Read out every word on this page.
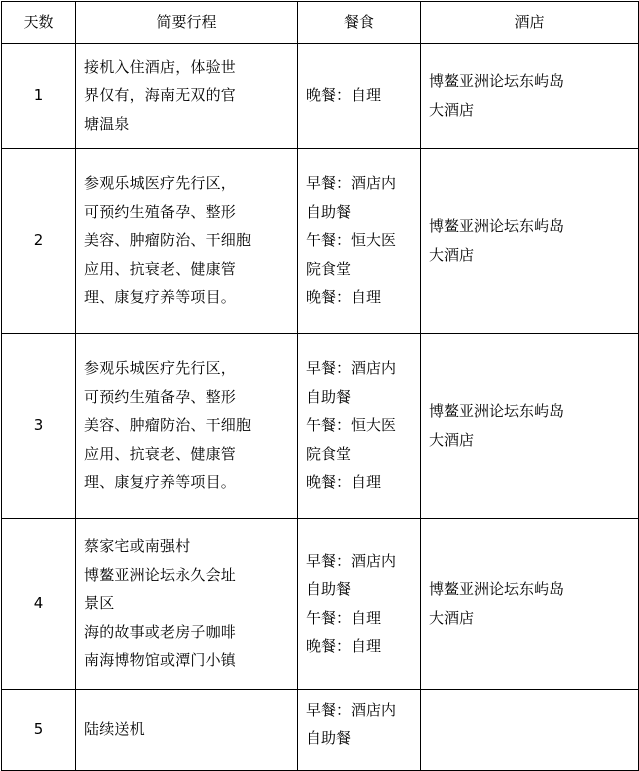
天数	简要行程	餐食	酒店
1	接机入住酒店，体验世
界仅有，海南无双的官
塘温泉	晚餐：自理	博鳌亚洲论坛东屿岛
大酒店

2	参观乐城医疗先行区，
可预约生殖备孕、整形
美容、肿瘤防治、干细胞
应用、抗衰老、健康管
理、康复疗养等项目。	早餐：酒店内
自助餐
午餐：恒大医
院食堂
晚餐：自理	博鳌亚洲论坛东屿岛
大酒店

3	参观乐城医疗先行区，
可预约生殖备孕、整形
美容、肿瘤防治、干细胞
应用、抗衰老、健康管
理、康复疗养等项目。	早餐：酒店内
自助餐
午餐：恒大医
院食堂
晚餐：自理	博鳌亚洲论坛东屿岛
大酒店

4	蔡家宅或南强村
博鳌亚洲论坛永久会址
景区
海的故事或老房子咖啡
南海博物馆或潭门小镇	早餐：酒店内
自助餐
午餐：自理
晚餐：自理	博鳌亚洲论坛东屿岛
大酒店

5	陆续送机	早餐：酒店内
自助餐	
